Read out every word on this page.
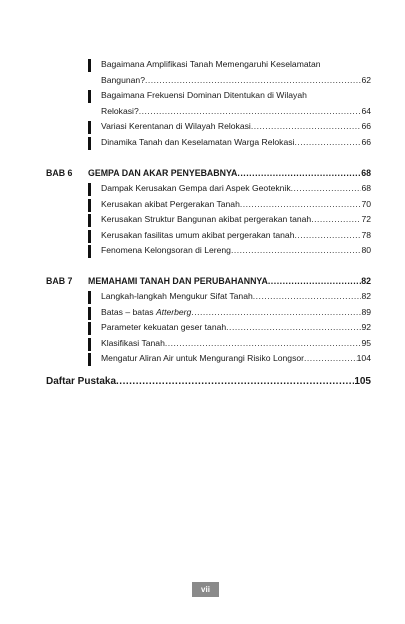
Bagaimana Amplifikasi Tanah Memengaruhi Keselamatan
Bangunan? .....	62
Bagaimana Frekuensi Dominan Ditentukan di Wilayah
Relokasi? .....	64
Variasi Kerentanan di Wilayah Relokasi .....	66
Dinamika Tanah dan Keselamatan Warga Relokasi .....	66
BAB 6 GEMPA DAN AKAR PENYEBABNYA .....	68
Dampak Kerusakan Gempa dari Aspek Geoteknik .....	68
Kerusakan akibat Pergerakan Tanah .....	70
Kerusakan Struktur Bangunan akibat pergerakan tanah .....	72
Kerusakan fasilitas umum akibat pergerakan tanah .....	78
Fenomena Kelongsoran di Lereng .....	80
BAB 7 MEMAHAMI TANAH DAN PERUBAHANNYA .....	82
Langkah-langkah Mengukur Sifat Tanah .....	82
Batas – batas Atterberg .....	89
Parameter kekuatan geser tanah .....	92
Klasifikasi Tanah .....	95
Mengatur Aliran Air untuk Mengurangi Risiko Longsor .....	104
Daftar Pustaka .....	105
vii
